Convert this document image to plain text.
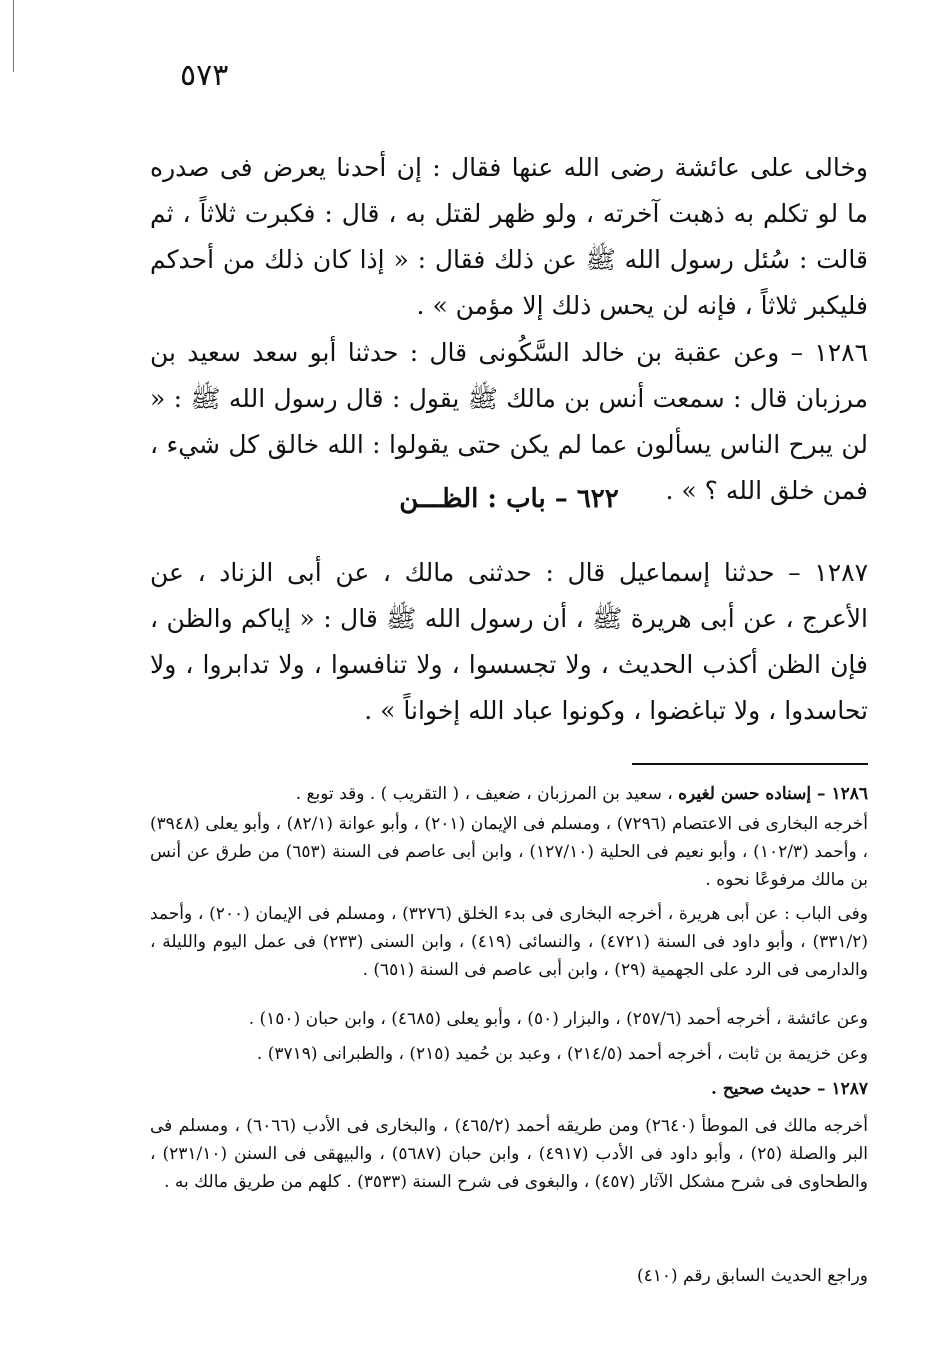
٥٧٣

وخالى على عائشة رضى الله عنها فقال : إن أحدنا يعرض فى صدره ما لو تكلم به ذهبت آخرته ، ولو ظهر لقتل به ، قال : فكبرت ثلاثاً ، ثم قالت : سُئل رسول الله ﷺ عن ذلك فقال : « إذا كان ذلك من أحدكم فليكبر ثلاثاً ، فإنه لن يحس ذلك إلا مؤمن » .

١٢٨٦ – وعن عقبة بن خالد السَّكُونى قال : حدثنا أبو سعد سعيد بن مرزبان قال : سمعت أنس بن مالك ﷺ يقول : قال رسول الله ﷺ : « لن يبرح الناس يسألون عما لم يكن حتى يقولوا : الله خالق كل شيء ، فمن خلق الله ؟ » .

٦٢٢ – باب : الظـــن

١٢٨٧ – حدثنا إسماعيل قال : حدثنى مالك ، عن أبى الزناد ، عن الأعرج ، عن أبى هريرة ﷺ ، أن رسول الله ﷺ قال : « إياكم والظن ، فإن الظن أكذب الحديث ، ولا تجسسوا ، ولا تنافسوا ، ولا تدابروا ، ولا تحاسدوا ، ولا تباغضوا ، وكونوا عباد الله إخواناً » .

١٢٨٦ – إسناده حسن لغيره ، سعيد بن المرزبان ، ضعيف ، ( التقريب ) . وقد توبع .

أخرجه البخارى فى الاعتصام (٧٢٩٦) ، ومسلم فى الإيمان (٢٠١) ، وأبو عوانة (٨٢/١) ، وأبو يعلى (٣٩٤٨) ، وأحمد (١٠٢/٣) ، وأبو نعيم فى الحلية (١٢٧/١٠) ، وابن أبى عاصم فى السنة (٦٥٣) من طرق عن أنس بن مالك مرفوعًا نحوه .

وفى الباب : عن أبى هريرة ، أخرجه البخارى فى بدء الخلق (٣٢٧٦) ، ومسلم فى الإيمان (٢٠٠) ، وأحمد (٣٣١/٢) ، وأبو داود فى السنة (٤٧٢١) ، والنسائى (٤١٩) ، وابن السنى (٢٣٣) فى عمل اليوم والليلة ، والدارمى فى الرد على الجهمية (٢٩) ، وابن أبى عاصم فى السنة (٦٥١) .

وعن عائشة ، أخرجه أحمد (٢٥٧/٦) ، والبزار (٥٠) ، وأبو يعلى (٤٦٨٥) ، وابن حبان (١٥٠) .

وعن خزيمة بن ثابت ، أخرجه أحمد (٢١٤/٥) ، وعبد بن حُميد (٢١٥) ، والطبرانى (٣٧١٩) .

١٢٨٧ – حديث صحيح .

أخرجه مالك فى الموطأ (٢٦٤٠) ومن طريقه أحمد (٤٦٥/٢) ، والبخارى فى الأدب (٦٠٦٦) ، ومسلم فى البر والصلة (٢٥) ، وأبو داود فى الأدب (٤٩١٧) ، وابن حبان (٥٦٨٧) ، والبيهقى فى السنن (٢٣١/١٠) ، والطحاوى فى شرح مشكل الآثار (٤٥٧) ، والبغوى فى شرح السنة (٣٥٣٣) . كلهم من طريق مالك به .

وراجع الحديث السابق رقم (٤١٠)
